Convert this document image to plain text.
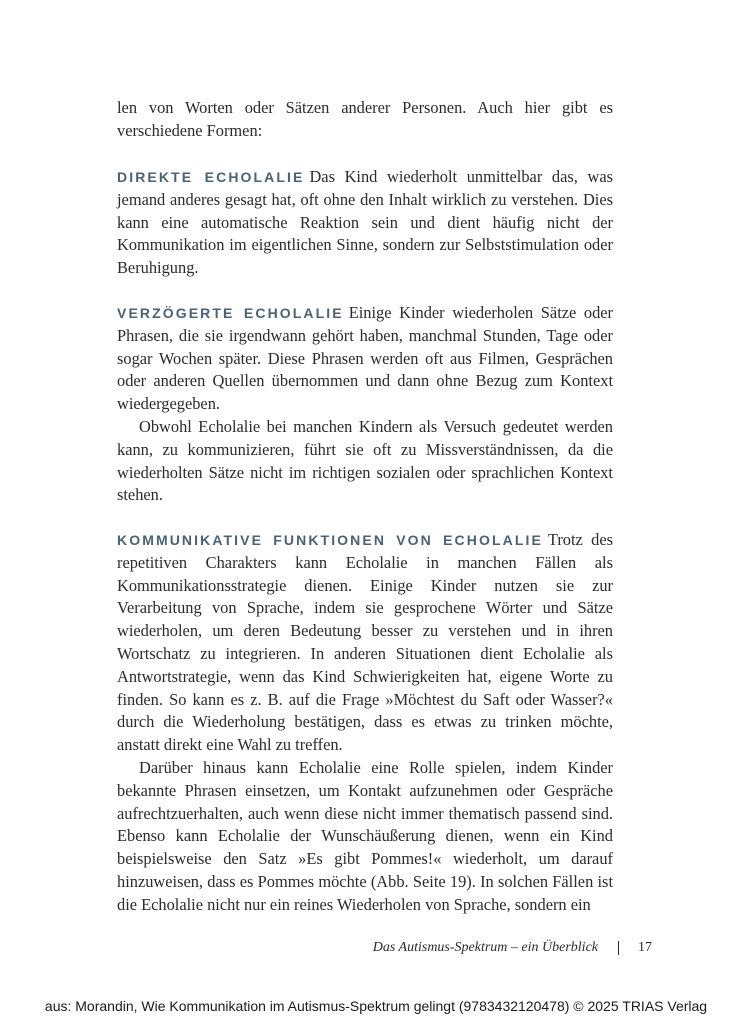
len von Worten oder Sätzen anderer Personen. Auch hier gibt es verschiedene Formen:

DIREKTE ECHOLALIE Das Kind wiederholt unmittelbar das, was jemand anderes gesagt hat, oft ohne den Inhalt wirklich zu verstehen. Dies kann eine automatische Reaktion sein und dient häufig nicht der Kommunikation im eigentlichen Sinne, sondern zur Selbststimulation oder Beruhigung.

VERZÖGERTE ECHOLALIE Einige Kinder wiederholen Sätze oder Phrasen, die sie irgendwann gehört haben, manchmal Stunden, Tage oder sogar Wochen später. Diese Phrasen werden oft aus Filmen, Gesprächen oder anderen Quellen übernommen und dann ohne Bezug zum Kontext wiedergegeben.

Obwohl Echolalie bei manchen Kindern als Versuch gedeutet werden kann, zu kommunizieren, führt sie oft zu Missverständnissen, da die wiederholten Sätze nicht im richtigen sozialen oder sprachlichen Kontext stehen.

KOMMUNIKATIVE FUNKTIONEN VON ECHOLALIE Trotz des repetitiven Charakters kann Echolalie in manchen Fällen als Kommunikationsstrategie dienen. Einige Kinder nutzen sie zur Verarbeitung von Sprache, indem sie gesprochene Wörter und Sätze wiederholen, um deren Bedeutung besser zu verstehen und in ihren Wortschatz zu integrieren. In anderen Situationen dient Echolalie als Antwortstrategie, wenn das Kind Schwierigkeiten hat, eigene Worte zu finden. So kann es z. B. auf die Frage »Möchtest du Saft oder Wasser?« durch die Wiederholung bestätigen, dass es etwas zu trinken möchte, anstatt direkt eine Wahl zu treffen.

Darüber hinaus kann Echolalie eine Rolle spielen, indem Kinder bekannte Phrasen einsetzen, um Kontakt aufzunehmen oder Gespräche aufrechtzuerhalten, auch wenn diese nicht immer thematisch passend sind. Ebenso kann Echolalie der Wunschäußerung dienen, wenn ein Kind beispielsweise den Satz »Es gibt Pommes!« wiederholt, um darauf hinzuweisen, dass es Pommes möchte (Abb. Seite 19). In solchen Fällen ist die Echolalie nicht nur ein reines Wiederholen von Sprache, sondern ein

Das Autismus-Spektrum – ein Überblick	17
aus: Morandin, Wie Kommunikation im Autismus-Spektrum gelingt (9783432120478) © 2025 TRIAS Verlag
